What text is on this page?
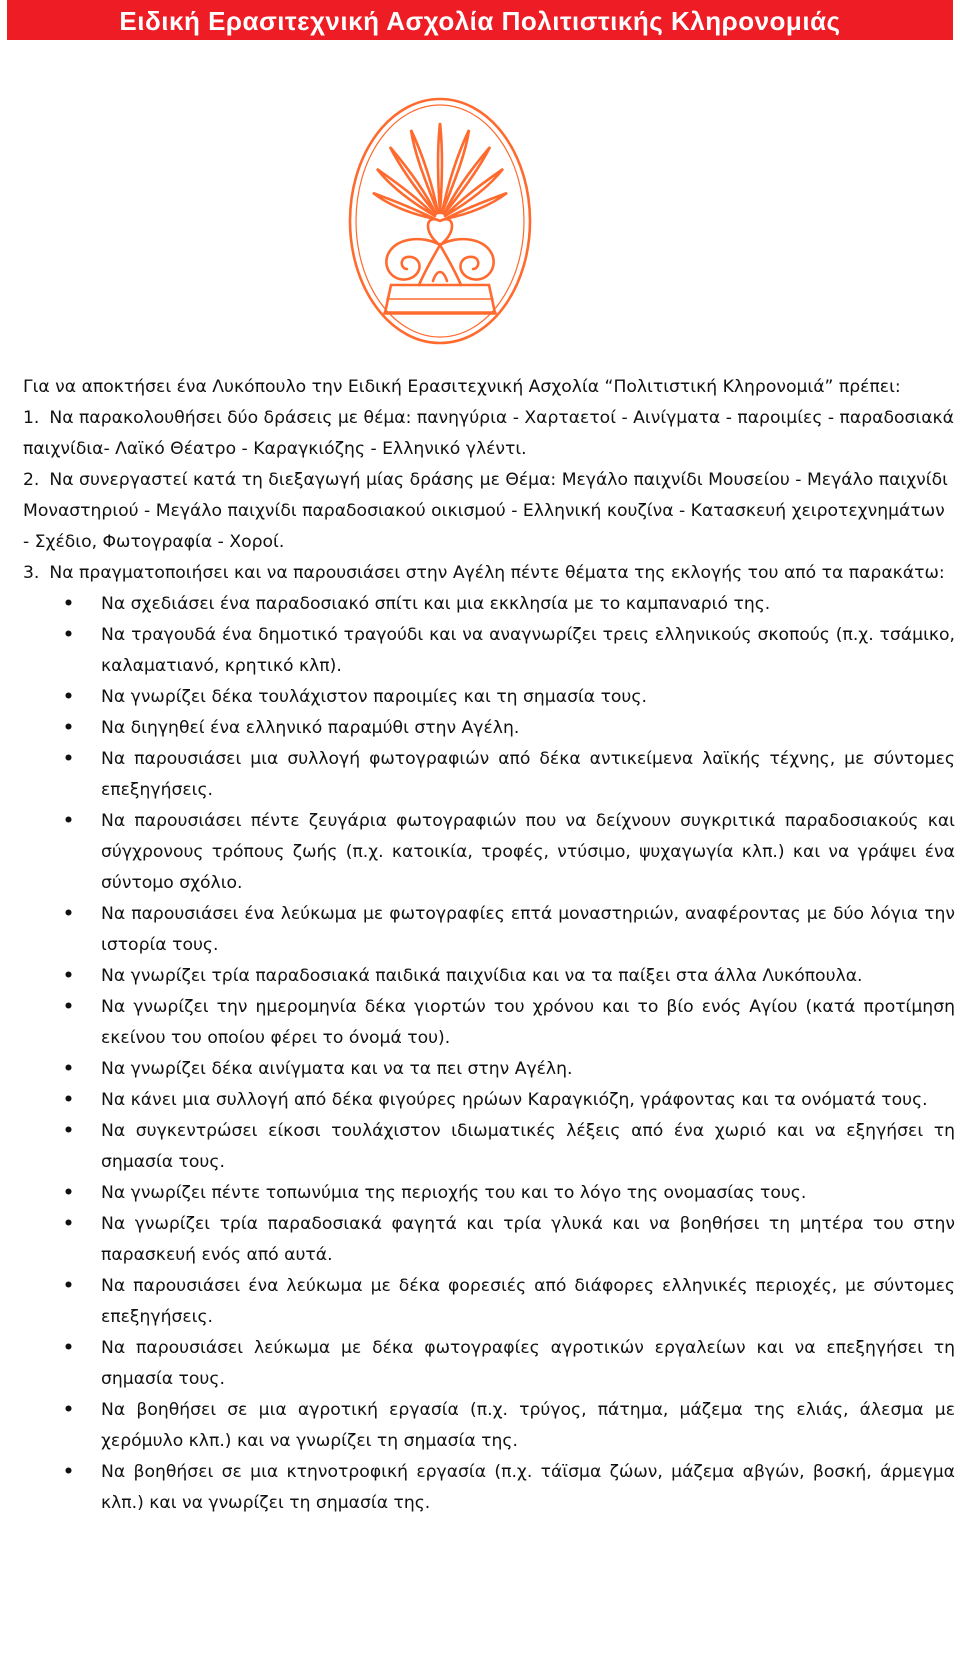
Ειδική Ερασιτεχνική Ασχολία Πολιτιστικής Κληρονομιάς

Για να αποκτήσει ένα Λυκόπουλο την Ειδική Ερασιτεχνική Ασχολία “Πολιτιστική Κληρονομιά” πρέπει:

1. Να παρακολουθήσει δύο δράσεις με θέμα: πανηγύρια - Χαρταετοί - Αινίγματα - παροιμίες - παραδοσιακά παιχνίδια- Λαϊκό Θέατρο - Καραγκιόζης - Ελληνικό γλέντι.
2. Να συνεργαστεί κατά τη διεξαγωγή μίας δράσης με Θέμα: Μεγάλο παιχνίδι Μουσείου - Μεγάλο παιχνίδι Μοναστηριού - Μεγάλο παιχνίδι παραδοσιακού οικισμού - Ελληνική κουζίνα - Κατασκευή χειροτεχνημάτων - Σχέδιο, Φωτογραφία - Χοροί.
3. Να πραγματοποιήσει και να παρουσιάσει στην Αγέλη πέντε θέματα της εκλογής του από τα παρακάτω:
• Να σχεδιάσει ένα παραδοσιακό σπίτι και μια εκκλησία με το καμπαναριό της.
• Να τραγουδά ένα δημοτικό τραγούδι και να αναγνωρίζει τρεις ελληνικούς σκοπούς (π.χ. τσάμικο, καλαματιανό, κρητικό κλπ).
• Να γνωρίζει δέκα τουλάχιστον παροιμίες και τη σημασία τους.
• Να διηγηθεί ένα ελληνικό παραμύθι στην Αγέλη.
• Να παρουσιάσει μια συλλογή φωτογραφιών από δέκα αντικείμενα λαϊκής τέχνης, με σύντομες επεξηγήσεις.
• Να παρουσιάσει πέντε ζευγάρια φωτογραφιών που να δείχνουν συγκριτικά παραδοσιακούς και σύγχρονους τρόπους ζωής (π.χ. κατοικία, τροφές, ντύσιμο, ψυχαγωγία κλπ.) και να γράψει ένα σύντομο σχόλιο.
• Να παρουσιάσει ένα λεύκωμα με φωτογραφίες επτά μοναστηριών, αναφέροντας με δύο λόγια την ιστορία τους.
• Να γνωρίζει τρία παραδοσιακά παιδικά παιχνίδια και να τα παίξει στα άλλα Λυκόπουλα.
• Να γνωρίζει την ημερομηνία δέκα γιορτών του χρόνου και το βίο ενός Αγίου (κατά προτίμηση εκείνου του οποίου φέρει το όνομά του).
• Να γνωρίζει δέκα αινίγματα και να τα πει στην Αγέλη.
• Να κάνει μια συλλογή από δέκα φιγούρες ηρώων Καραγκιόζη, γράφοντας και τα ονόματά τους.
• Να συγκεντρώσει είκοσι τουλάχιστον ιδιωματικές λέξεις από ένα χωριό και να εξηγήσει τη σημασία τους.
• Να γνωρίζει πέντε τοπωνύμια της περιοχής του και το λόγο της ονομασίας τους.
• Να γνωρίζει τρία παραδοσιακά φαγητά και τρία γλυκά και να βοηθήσει τη μητέρα του στην παρασκευή ενός από αυτά.
• Να παρουσιάσει ένα λεύκωμα με δέκα φορεσιές από διάφορες ελληνικές περιοχές, με σύντομες επεξηγήσεις.
• Να παρουσιάσει λεύκωμα με δέκα φωτογραφίες αγροτικών εργαλείων και να επεξηγήσει τη σημασία τους.
• Να βοηθήσει σε μια αγροτική εργασία (π.χ. τρύγος, πάτημα, μάζεμα της ελιάς, άλεσμα με χερόμυλο κλπ.) και να γνωρίζει τη σημασία της.
• Να βοηθήσει σε μια κτηνοτροφική εργασία (π.χ. τάϊσμα ζώων, μάζεμα αβγών, βοσκή, άρμεγμα κλπ.) και να γνωρίζει τη σημασία της.
